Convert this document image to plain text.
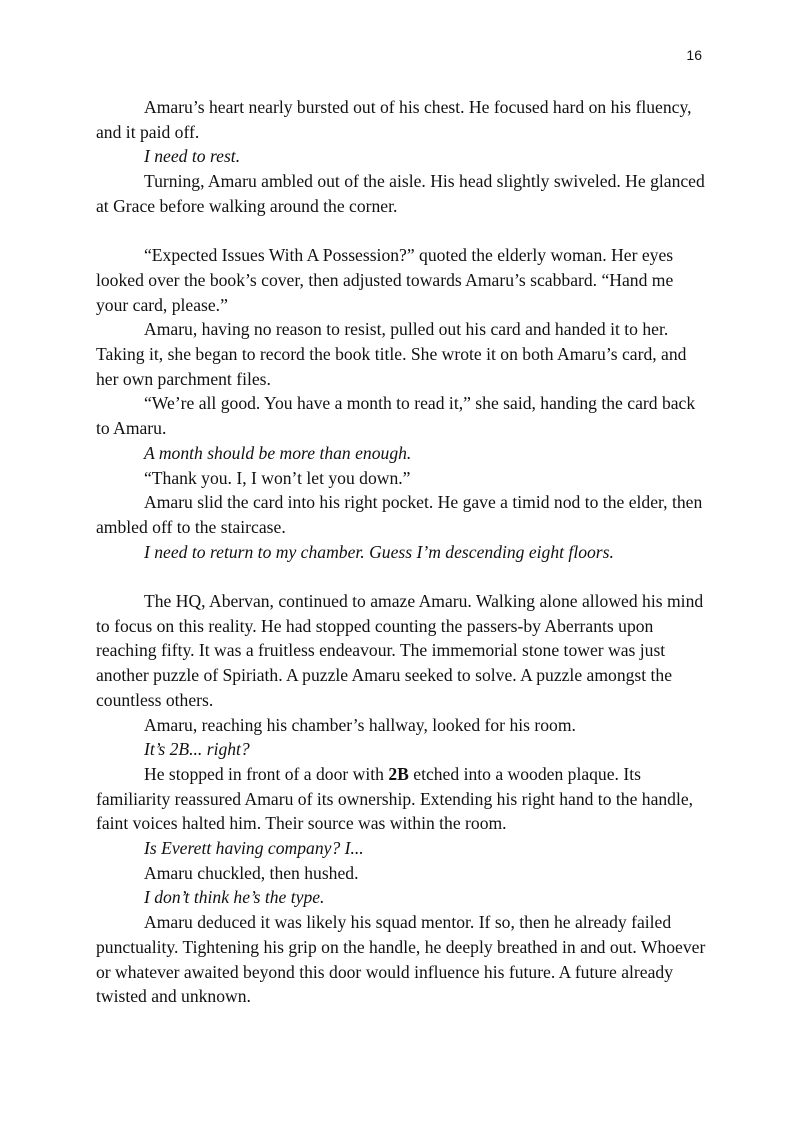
16

Amaru’s heart nearly bursted out of his chest. He focused hard on his fluency, and it paid off.

I need to rest.

Turning, Amaru ambled out of the aisle. His head slightly swiveled. He glanced at Grace before walking around the corner.

“Expected Issues With A Possession?” quoted the elderly woman. Her eyes looked over the book’s cover, then adjusted towards Amaru’s scabbard. “Hand me your card, please.”

Amaru, having no reason to resist, pulled out his card and handed it to her. Taking it, she began to record the book title. She wrote it on both Amaru’s card, and her own parchment files.

“We’re all good. You have a month to read it,” she said, handing the card back to Amaru.

A month should be more than enough.

“Thank you. I, I won’t let you down.”

Amaru slid the card into his right pocket. He gave a timid nod to the elder, then ambled off to the staircase.

I need to return to my chamber. Guess I’m descending eight floors.

The HQ, Abervan, continued to amaze Amaru. Walking alone allowed his mind to focus on this reality. He had stopped counting the passers-by Aberrants upon reaching fifty. It was a fruitless endeavour. The immemorial stone tower was just another puzzle of Spiriath. A puzzle Amaru seeked to solve. A puzzle amongst the countless others.

Amaru, reaching his chamber’s hallway, looked for his room.

It’s 2B... right?

He stopped in front of a door with 2B etched into a wooden plaque. Its familiarity reassured Amaru of its ownership. Extending his right hand to the handle, faint voices halted him. Their source was within the room.

Is Everett having company? I...

Amaru chuckled, then hushed.

I don’t think he’s the type.

Amaru deduced it was likely his squad mentor. If so, then he already failed punctuality. Tightening his grip on the handle, he deeply breathed in and out. Whoever or whatever awaited beyond this door would influence his future. A future already twisted and unknown.
